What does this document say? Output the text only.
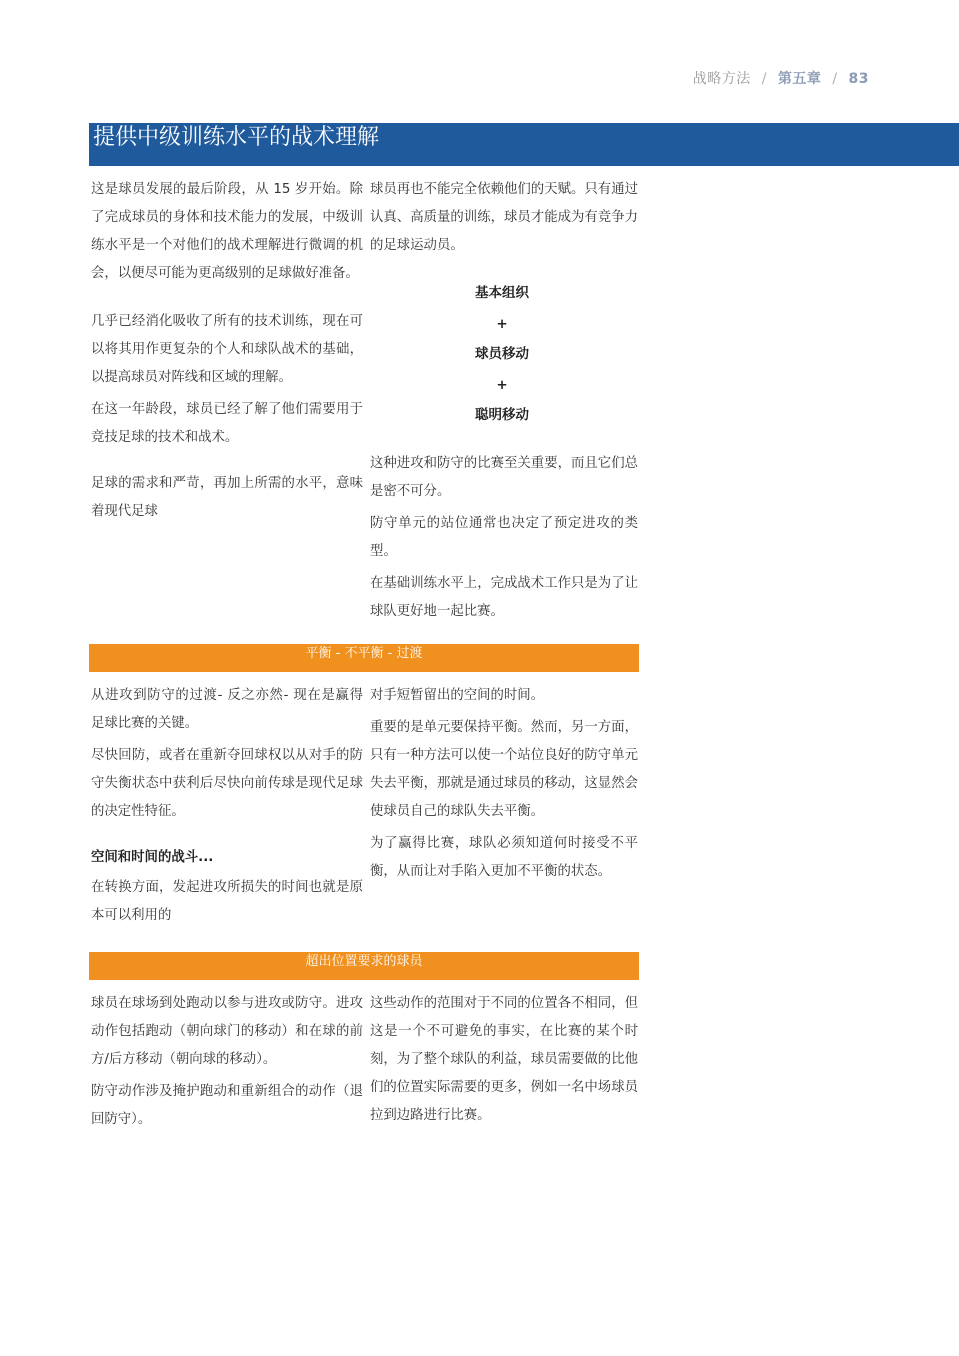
战略方法 / 第五章 / 83
提供中级训练水平的战术理解

这是球员发展的最后阶段，从 15 岁开始。除了完成球员的身体和技术能力的发展，中级训练水平是一个对他们的战术理解进行微调的机会，以便尽可能为更高级别的足球做好准备。

几乎已经消化吸收了所有的技术训练，现在可以将其用作更复杂的个人和球队战术的基础，以提高球员对阵线和区域的理解。

在这一年龄段，球员已经了解了他们需要用于竞技足球的技术和战术。

足球的需求和严苛，再加上所需的水平，意味着现代足球

球员再也不能完全依赖他们的天赋。只有通过认真、高质量的训练，球员才能成为有竞争力的足球运动员。

基本组织
+
球员移动
+
聪明移动

这种进攻和防守的比赛至关重要，而且它们总是密不可分。

防守单元的站位通常也决定了预定进攻的类型。

在基础训练水平上，完成战术工作只是为了让球队更好地一起比赛。

平衡 - 不平衡 - 过渡

从进攻到防守的过渡- 反之亦然- 现在是赢得足球比赛的关键。

尽快回防，或者在重新夺回球权以从对手的防守失衡状态中获利后尽快向前传球是现代足球的决定性特征。

空间和时间的战斗...

在转换方面，发起进攻所损失的时间也就是原本可以利用的

对手短暂留出的空间的时间。

重要的是单元要保持平衡。然而，另一方面，只有一种方法可以使一个站位良好的防守单元失去平衡，那就是通过球员的移动，这显然会使球员自己的球队失去平衡。

为了赢得比赛，球队必须知道何时接受不平衡，从而让对手陷入更加不平衡的状态。

超出位置要求的球员

球员在球场到处跑动以参与进攻或防守。进攻动作包括跑动（朝向球门的移动）和在球的前方/后方移动（朝向球的移动）。

防守动作涉及掩护跑动和重新组合的动作（退回防守）。

这些动作的范围对于不同的位置各不相同，但这是一个不可避免的事实，在比赛的某个时刻，为了整个球队的利益，球员需要做的比他们的位置实际需要的更多，例如一名中场球员拉到边路进行比赛。
